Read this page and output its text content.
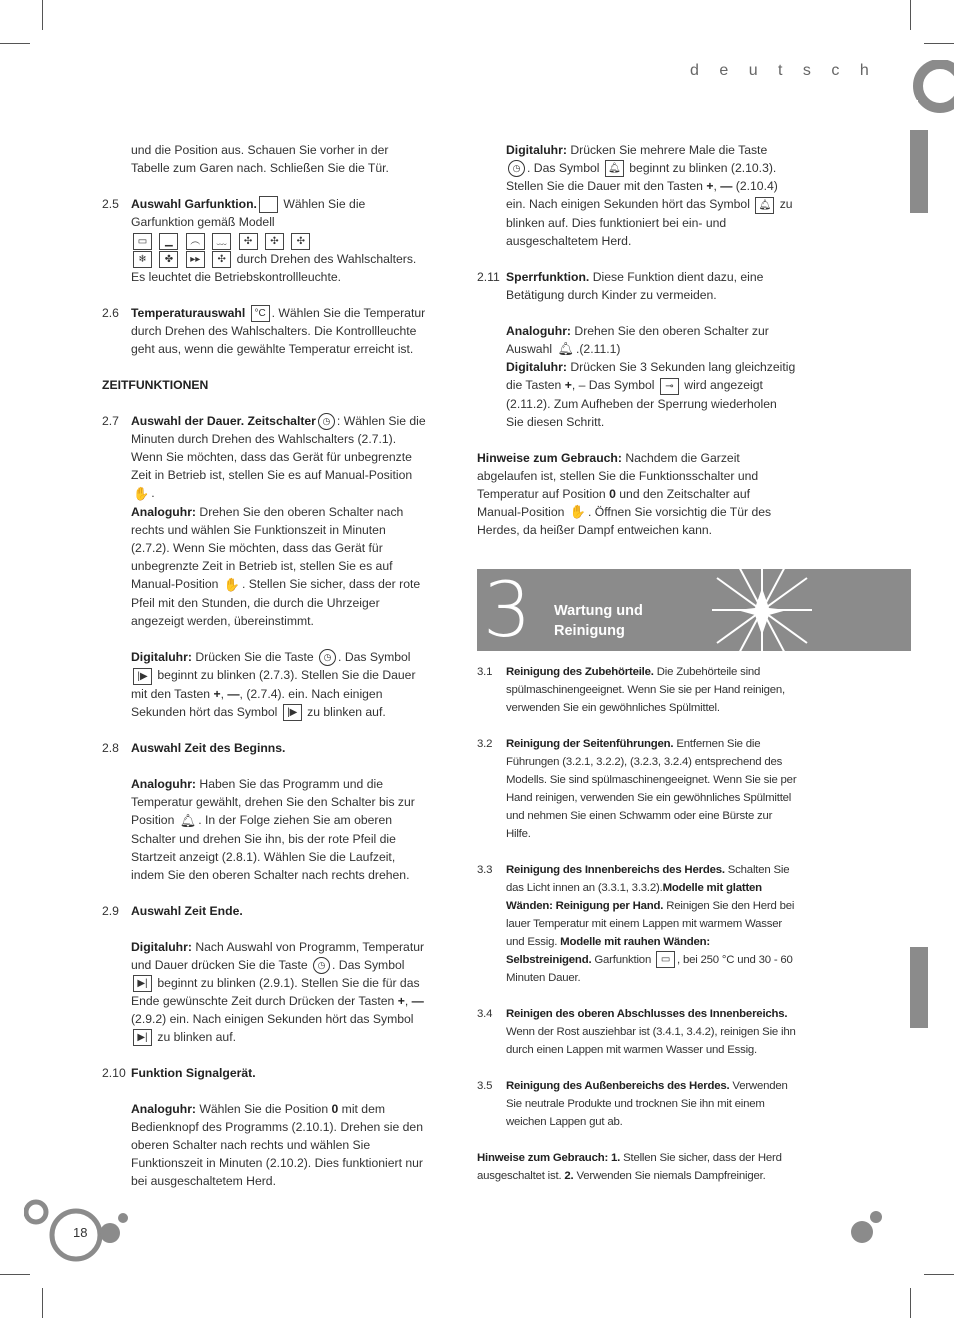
d e u t s c h

und die Position aus. Schauen Sie vorher in der Tabelle zum Garen nach. Schließen Sie die Tür.

2.5 Auswahl Garfunktion. Wählen Sie die Garfunktion gemäß Modell
▭ ▁ ︵ ﹏ ✣ ✣ ✣
❄ ✤ ▸▸ ✣ durch Drehen des Wahlschalters. Es leuchtet die Betriebskontrollleuchte.
2.6 Temperaturauswahl °C . Wählen Sie die Temperatur durch Drehen des Wahlschalters. Die Kontrollleuchte geht aus, wenn die gewählte Temperatur erreicht ist.

ZEITFUNKTIONEN

2.7 Auswahl der Dauer. Zeitschalter ◷ : Wählen Sie die Minuten durch Drehen des Wahlschalters (2.7.1). Wenn Sie möchten, dass das Gerät für unbegrenzte Zeit in Betrieb ist, stellen Sie es auf Manual-Position ✋ .
Analoguhr: Drehen Sie den oberen Schalter nach rechts und wählen Sie Funktionszeit in Minuten (2.7.2). Wenn Sie möchten, dass das Gerät für unbegrenzte Zeit in Betrieb ist, stellen Sie es auf Manual-Position ✋ . Stellen Sie sicher, dass der rote Pfeil mit den Stunden, die durch die Uhrzeiger angezeigt werden, übereinstimmt.
Digitaluhr: Drücken Sie die Taste ◷ . Das Symbol
|▶ beginnt zu blinken (2.7.3). Stellen Sie die Dauer mit den Tasten +, —, (2.7.4). ein. Nach einigen Sekunden hört das Symbol |▶ zu blinken auf.
2.8 Auswahl Zeit des Beginns.
Analoguhr: Haben Sie das Programm und die Temperatur gewählt, drehen Sie den Schalter bis zur Position 🔔︎ . In der Folge ziehen Sie am oberen Schalter und drehen Sie ihn, bis der rote Pfeil die Startzeit anzeigt (2.8.1). Wählen Sie die Laufzeit, indem Sie den oberen Schalter nach rechts drehen.
2.9 Auswahl Zeit Ende.
Digitaluhr: Nach Auswahl von Programm, Temperatur und Dauer drücken Sie die Taste ◷ . Das Symbol ▶| beginnt zu blinken (2.9.1). Stellen Sie die für das Ende gewünschte Zeit durch Drücken der Tasten +, — (2.9.2) ein. Nach einigen Sekunden hört das Symbol ▶| zu blinken auf.
2.10 Funktion Signalgerät.
Analoguhr: Wählen Sie die Position 0 mit dem Bedienknopf des Programms (2.10.1). Drehen sie den oberen Schalter nach rechts und wählen Sie Funktionszeit in Minuten (2.10.2). Dies funktioniert nur bei ausgeschaltetem Herd.
Digitaluhr: Drücken Sie mehrere Male die Taste
◷ . Das Symbol 🔔︎ beginnt zu blinken (2.10.3). Stellen Sie die Dauer mit den Tasten +, — (2.10.4) ein. Nach einigen Sekunden hört das Symbol 🔔︎ zu blinken auf. Dies funktioniert bei ein- und ausgeschaltetem Herd.
2.11 Sperrfunktion. Diese Funktion dient dazu, eine Betätigung durch Kinder zu vermeiden.
Analoguhr: Drehen Sie den oberen Schalter zur Auswahl 🔔︎ .(2.11.1)
Digitaluhr: Drücken Sie 3 Sekunden lang gleichzeitig die Tasten +, – Das Symbol ⊸ wird angezeigt (2.11.2). Zum Aufheben der Sperrung wiederholen Sie diesen Schritt.

Hinweise zum Gebrauch: Nachdem die Garzeit abgelaufen ist, stellen Sie die Funktionsschalter und Temperatur auf Position 0 und den Zeitschalter auf Manual-Position ✋ . Öffnen Sie vorsichtig die Tür des Herdes, da heißer Dampf entweichen kann.

3 Wartung und
Reinigung
3.1 Reinigung des Zubehörteile. Die Zubehörteile sind spülmaschinengeeignet. Wenn Sie sie per Hand reinigen, verwenden Sie ein gewöhnliches Spülmittel.
3.2 Reinigung der Seitenführungen. Entfernen Sie die Führungen (3.2.1, 3.2.2), (3.2.3, 3.2.4) entsprechend des Modells. Sie sind spülmaschinengeeignet. Wenn Sie sie per Hand reinigen, verwenden Sie ein gewöhnliches Spülmittel und nehmen Sie einen Schwamm oder eine Bürste zur Hilfe.
3.3 Reinigung des Innenbereichs des Herdes. Schalten Sie das Licht innen an (3.3.1, 3.3.2).Modelle mit glatten Wänden: Reinigung per Hand. Reinigen Sie den Herd bei lauer Temperatur mit einem Lappen mit warmem Wasser und Essig. Modelle mit rauhen Wänden: Selbstreinigend. Garfunktion ▭ , bei 250 °C und 30 - 60 Minuten Dauer.
3.4 Reinigen des oberen Abschlusses des Innenbereichs. Wenn der Rost ausziehbar ist (3.4.1, 3.4.2), reinigen Sie ihn durch einen Lappen mit warmen Wasser und Essig.
3.5 Reinigung des Außenbereichs des Herdes. Verwenden Sie neutrale Produkte und trocknen Sie ihn mit einem weichen Lappen gut ab.

Hinweise zum Gebrauch: 1. Stellen Sie sicher, dass der Herd ausgeschaltet ist. 2. Verwenden Sie niemals Dampfreiniger.

18
